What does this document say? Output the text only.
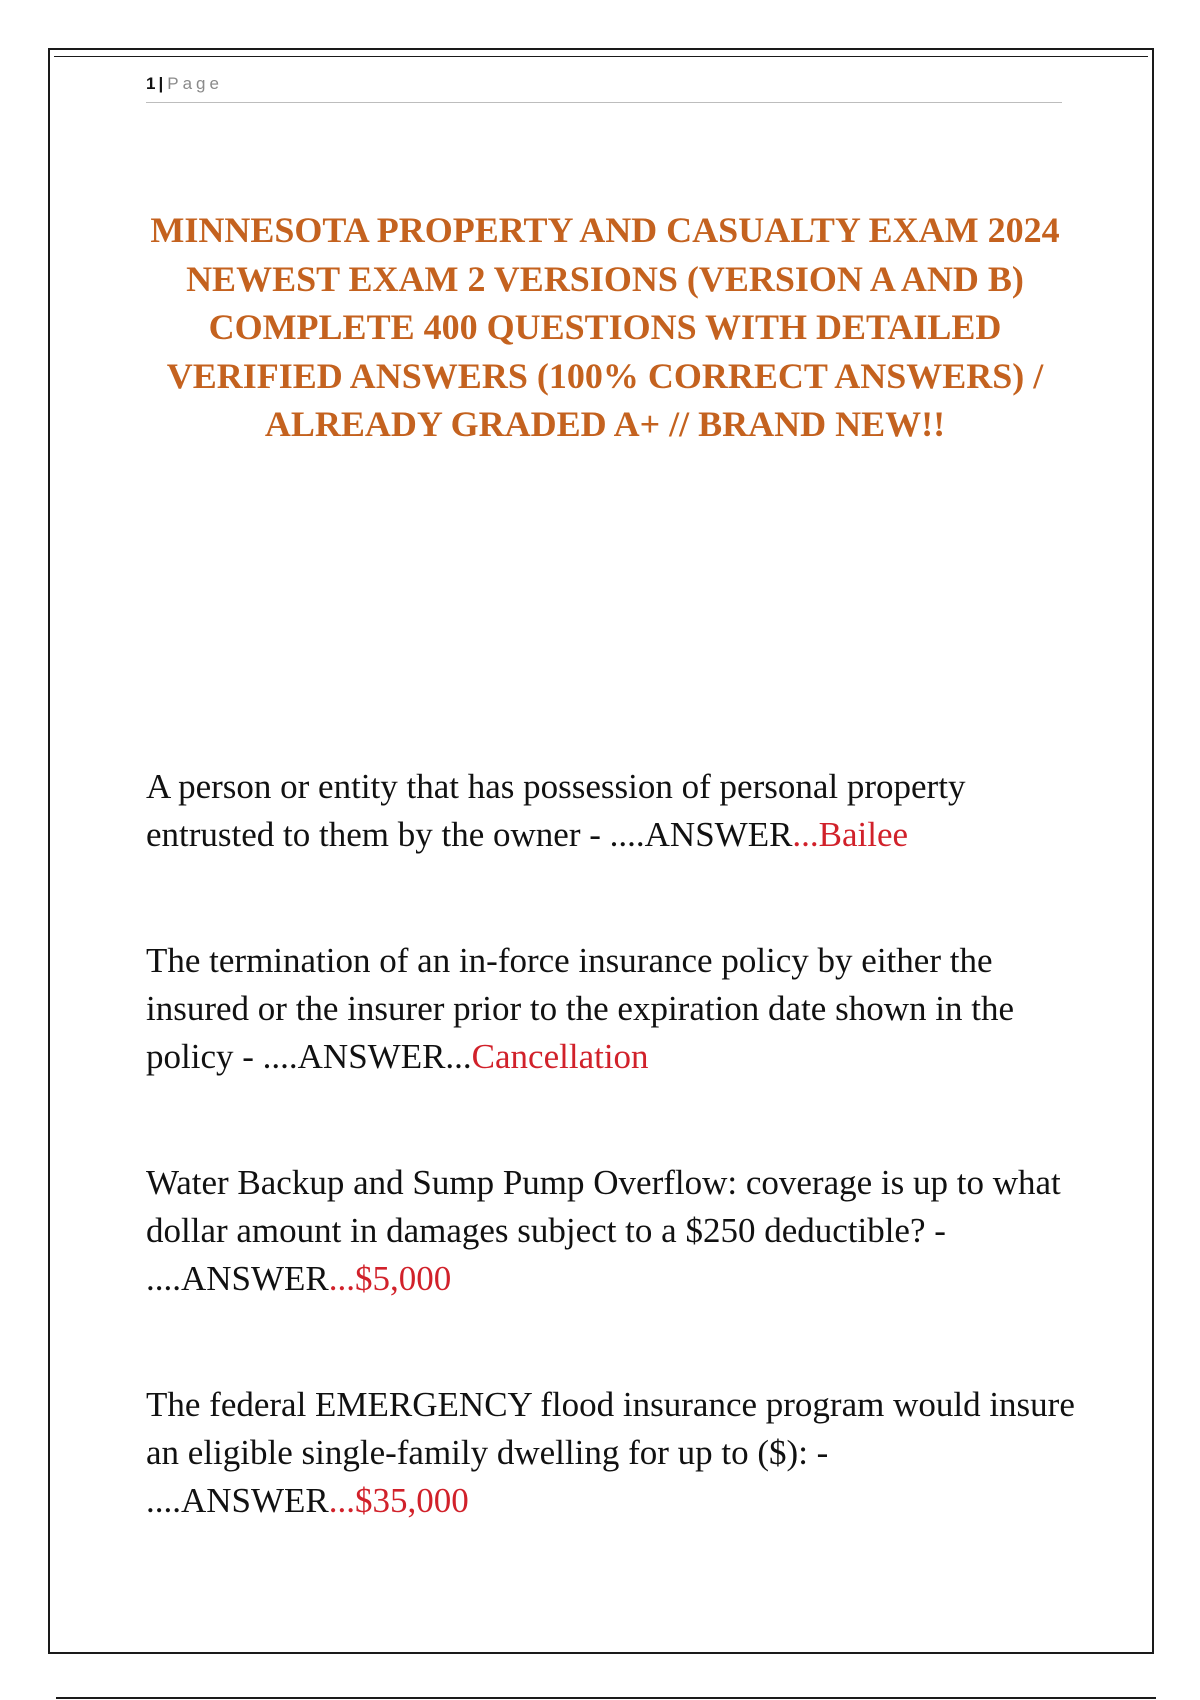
1 | Page
MINNESOTA PROPERTY AND CASUALTY EXAM 2024 NEWEST EXAM 2 VERSIONS (VERSION A AND B) COMPLETE 400 QUESTIONS WITH DETAILED VERIFIED ANSWERS (100% CORRECT ANSWERS) / ALREADY GRADED A+ // BRAND NEW!!

A person or entity that has possession of personal property entrusted to them by the owner - ....ANSWER...Bailee

The termination of an in-force insurance policy by either the insured or the insurer prior to the expiration date shown in the policy - ....ANSWER...Cancellation

Water Backup and Sump Pump Overflow: coverage is up to what dollar amount in damages subject to a $250 deductible? - ....ANSWER...$5,000

The federal EMERGENCY flood insurance program would insure an eligible single-family dwelling for up to ($): - ....ANSWER...$35,000
